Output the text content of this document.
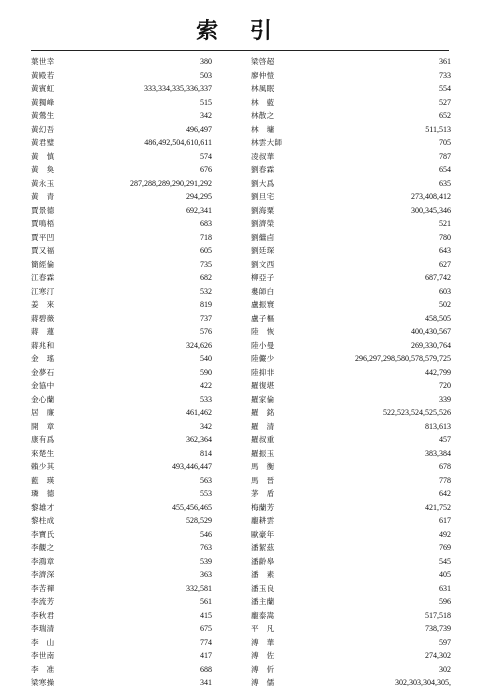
索 引
葉世幸	380
黃殿若	503
黃賓虹	333,334,335,336,337
黃獨峰	515
黃鶯生	342
黃幻吾	496,497
黃君璧	486,492,504,610,611
黃　慎	574
黃　奐	676
黃永玉	287,288,289,290,291,292
黃　青	294,295
賈景德	692,341
賈鳴梧	683
賈平凹	718
賈又福	605
簡經倫	735
江春霖	682
江寒汀	532
姜　來	819
蔣碧薇	737
蔣　蓮	576
蔣兆和	324,626
金　瑤	540
金夢石	590
金協中	422
金心蘭	533
居　廉	461,462
開　章	342
康有爲	362,364
來楚生	814
賴少其	493,446,447
藍　瑛	563
璘　德	553
黎雄才	455,456,465
黎柱成	528,529
李寶氏	546
李觀之	763
李鴻章	539
李濟深	363
李苦禪	332,581
李流芳	561
李秋君	415
李瑞清	675
李　山	774
李世南	417
李　准	688
梁寒操	341
梁啓超	361
廖仲愷	733
林風眠	554
林　藍	527
林散之	652
林　墉	511,513
林雲大師	705
凌叔華	787
劉春霖	654
劉大爲	635
劉旦宅	273,408,412
劉海粟	300,345,346
劉濟榮	521
劉繼卣	780
劉廷琛	643
劉文西	627
柳亞子	687,742
婁師白	603
盧振寰	502
盧子樞	458,505
陸　恢	400,430,567
陸小曼	269,330,764
陸儼少	296,297,298,580,578,579,725
陸抑非	442,799
羅復堪	720
羅家倫	339
羅　銘	522,523,524,525,526
羅　清	813,613
羅叔重	457
羅振玉	383,384
馬　衡	678
馬　晉	778
茅　盾	642
梅蘭芳	421,752
龐耕雲	617
歐豪年	492
潘絜茲	769
潘齡皋	545
潘　素	405
潘玉良	631
潘主蘭	596
龐泰嵩	517,518
平　凡	738,739
溥　華	597
溥　佐	274,302
溥　伒	302
溥　儒	302,303,304,305,
